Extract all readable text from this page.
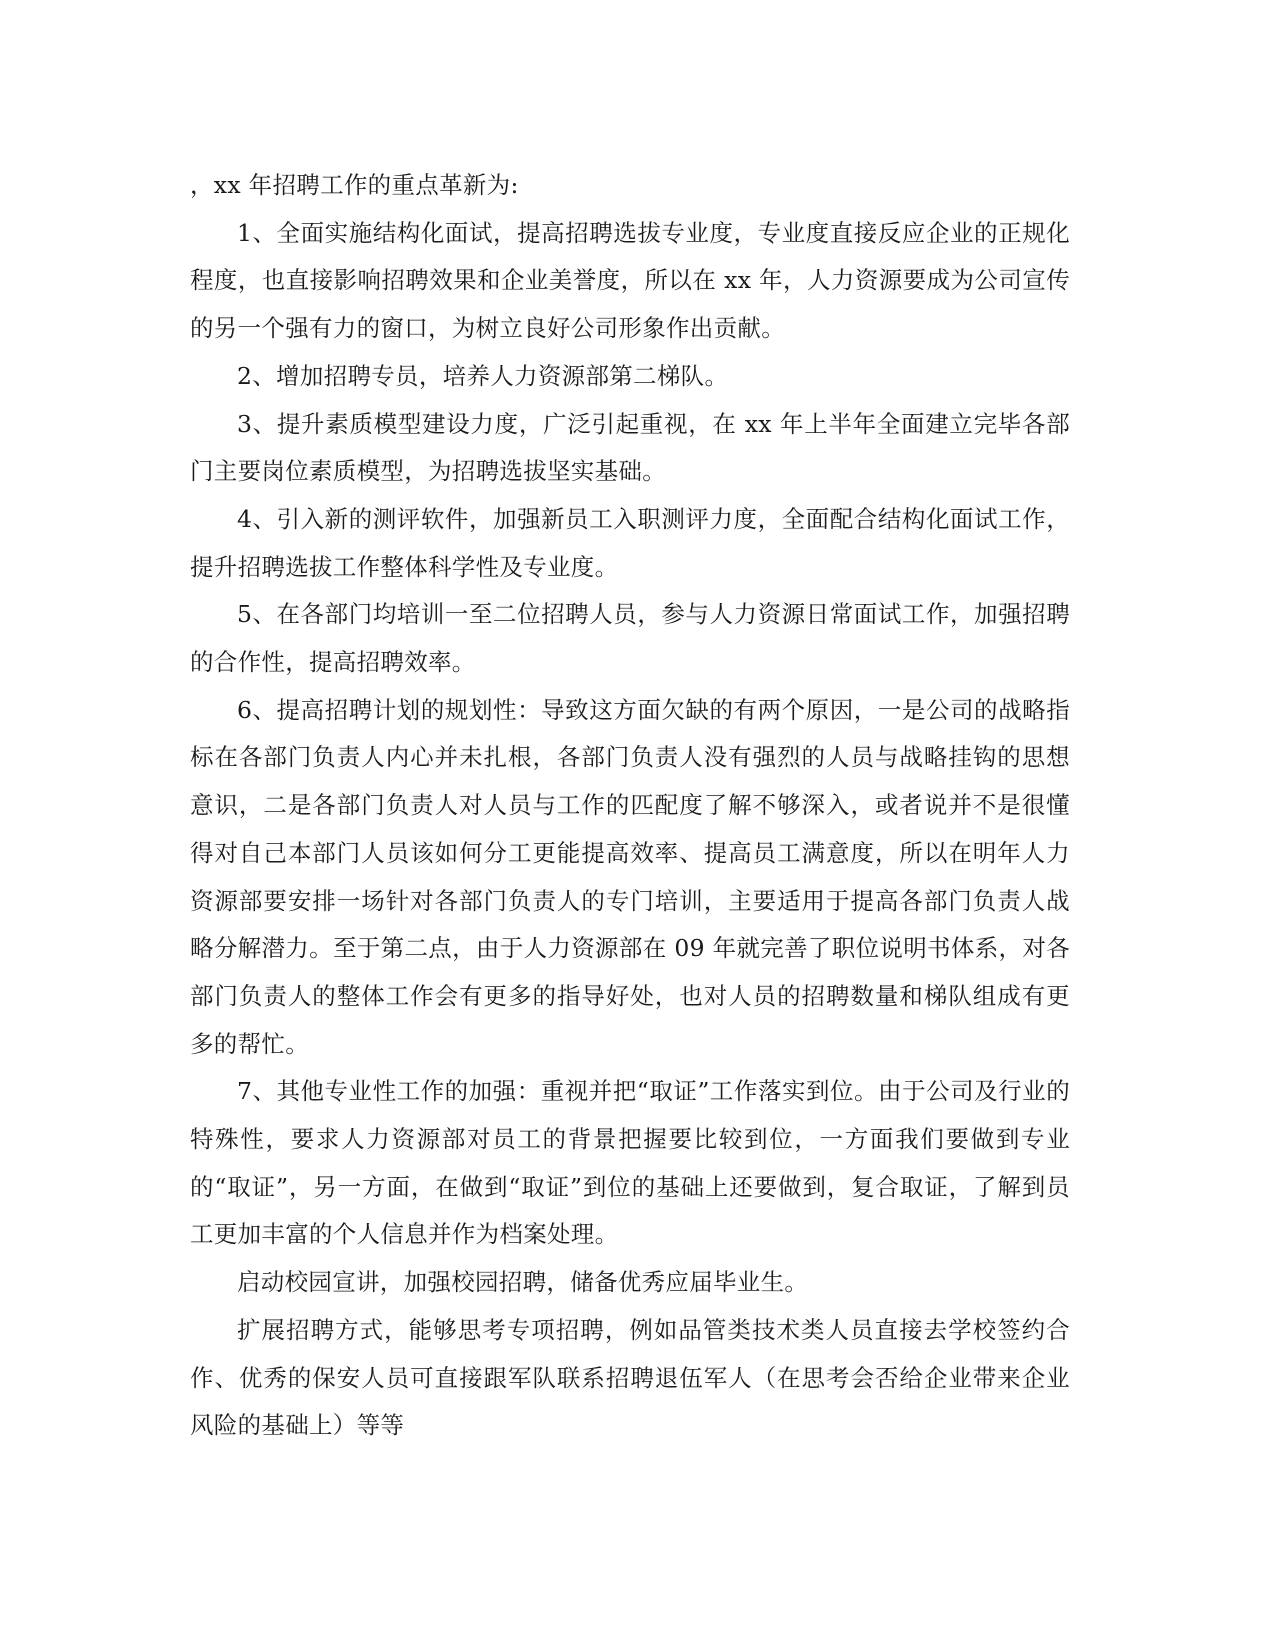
，xx 年招聘工作的重点革新为:

1、全面实施结构化面试，提高招聘选拔专业度，专业度直接反应企业的正规化程度，也直接影响招聘效果和企业美誉度，所以在 xx 年，人力资源要成为公司宣传的另一个强有力的窗口，为树立良好公司形象作出贡献。

2、增加招聘专员，培养人力资源部第二梯队。

3、提升素质模型建设力度，广泛引起重视，在 xx 年上半年全面建立完毕各部门主要岗位素质模型，为招聘选拔坚实基础。

4、引入新的测评软件，加强新员工入职测评力度，全面配合结构化面试工作，提升招聘选拔工作整体科学性及专业度。

5、在各部门均培训一至二位招聘人员，参与人力资源日常面试工作，加强招聘的合作性，提高招聘效率。

6、提高招聘计划的规划性：导致这方面欠缺的有两个原因，一是公司的战略指标在各部门负责人内心并未扎根，各部门负责人没有强烈的人员与战略挂钩的思想意识，二是各部门负责人对人员与工作的匹配度了解不够深入，或者说并不是很懂得对自己本部门人员该如何分工更能提高效率、提高员工满意度，所以在明年人力资源部要安排一场针对各部门负责人的专门培训，主要适用于提高各部门负责人战略分解潜力。至于第二点，由于人力资源部在 09 年就完善了职位说明书体系，对各部门负责人的整体工作会有更多的指导好处，也对人员的招聘数量和梯队组成有更多的帮忙。

7、其他专业性工作的加强：重视并把“取证”工作落实到位。由于公司及行业的特殊性，要求人力资源部对员工的背景把握要比较到位，一方面我们要做到专业的“取证”，另一方面，在做到“取证”到位的基础上还要做到，复合取证，了解到员工更加丰富的个人信息并作为档案处理。

启动校园宣讲，加强校园招聘，储备优秀应届毕业生。

扩展招聘方式，能够思考专项招聘，例如品管类技术类人员直接去学校签约合作、优秀的保安人员可直接跟军队联系招聘退伍军人（在思考会否给企业带来企业风险的基础上）等等
